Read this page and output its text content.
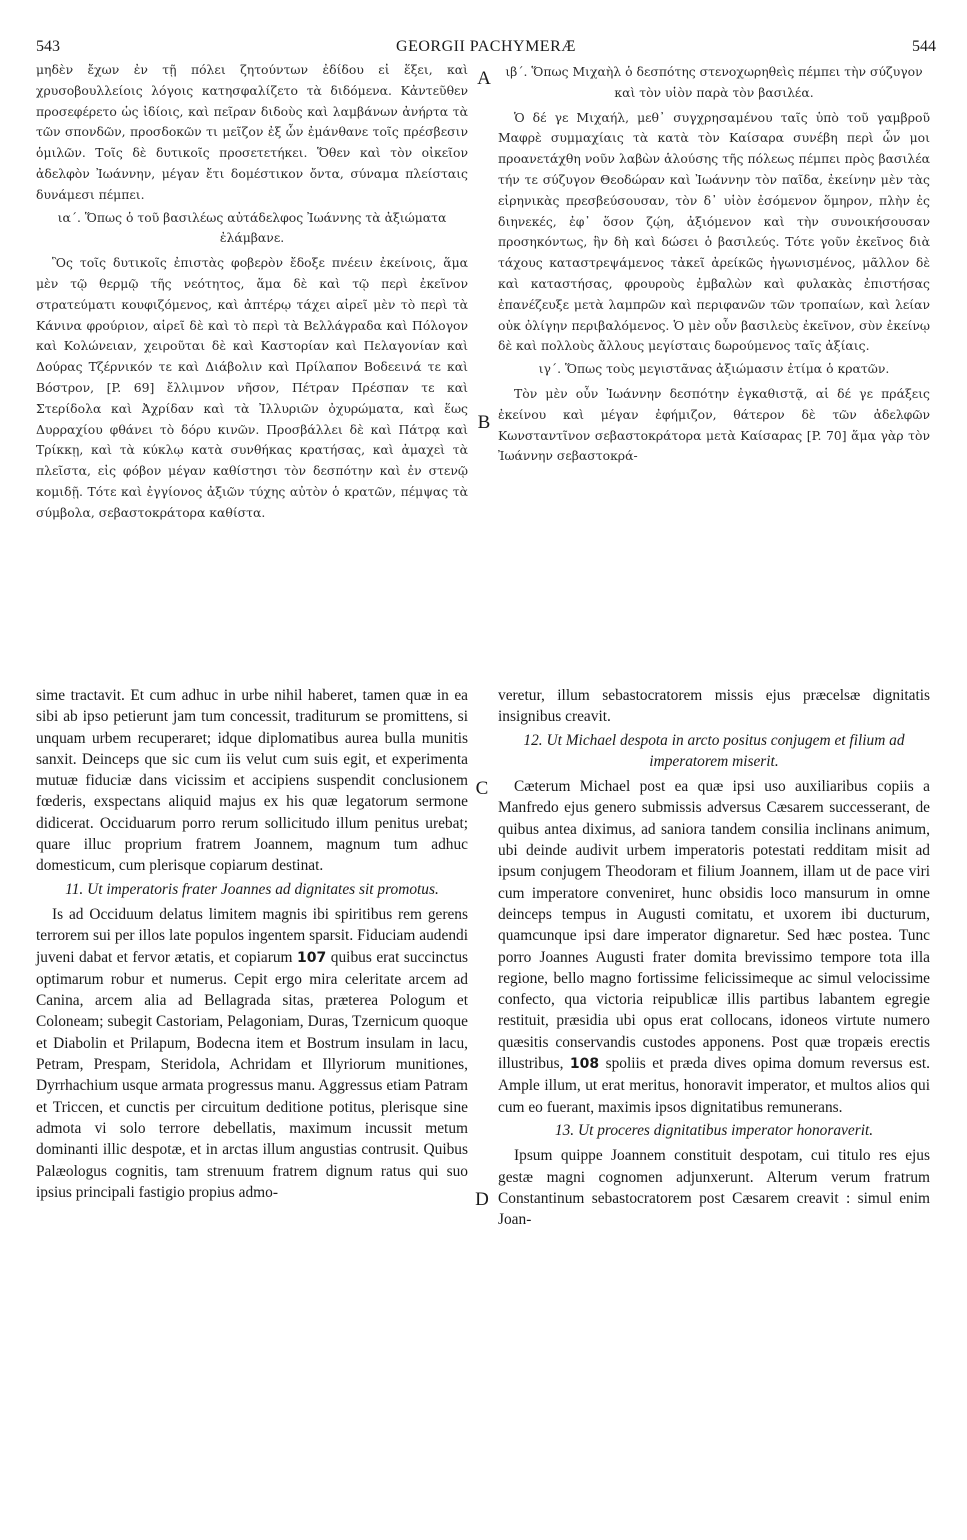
543	GEORGII PACHYMERÆ	544

μηδὲν ἔχων ἐν τῇ πόλει ζητούντων ἐδίδου εἰ ἕξει, καὶ χρυσοβουλλείοις λόγοις κατησφαλίζετο τὰ διδόμενα. Κἀντεῦθεν προσεφέρετο ὡς ἰδίοις, καὶ πεῖραν διδοὺς καὶ λαμβάνων ἀνήρτα τὰ τῶν σπονδῶν, προσδοκῶν τι μεῖζον ἐξ ὧν ἐμάνθανε τοῖς πρέσβεσιν ὁμιλῶν. Τοῖς δὲ δυτικοῖς προσετετήκει. Ὅθεν καὶ τὸν οἰκεῖον ἀδελφὸν Ἰωάννην, μέγαν ἔτι δομέστικον ὄντα, σύναμα πλείσταις δυνάμεσι πέμπει.

ια΄. Ὅπως ὁ τοῦ βασιλέως αὐτάδελφος Ἰωάννης τὰ ἀξιώματα ἐλάμβανε.

Ὃς τοῖς δυτικοῖς ἐπιστὰς φοβερὸν ἔδοξε πνέειν ἐκείνοις, ἅμα μὲν τῷ θερμῷ τῆς νεότητος, ἅμα δὲ καὶ τῷ περὶ ἐκεῖνον στρατεύματι κουφιζόμενος, καὶ ἀπτέρῳ τάχει αἱρεῖ μὲν τὸ περὶ τὰ Κάνινα φρούριον, αἱρεῖ δὲ καὶ τὸ περὶ τὰ Βελλάγραδα καὶ Πόλογον καὶ Κολώνειαν, χειροῦται δὲ καὶ Καστορίαν καὶ Πελαγονίαν καὶ Δούρας Τζέρνικόν τε καὶ Διάβολιν καὶ Πρίλαπον Βοδεεινά τε καὶ Βόστρον, [P. 69] ἔλλιμνον νῆσον, Πέτραν Πρέσπαν τε καὶ Στερίδολα καὶ Ἀχρίδαν καὶ τὰ Ἰλλυριῶν ὀχυρώματα, καὶ ἕως Δυρραχίου φθάνει τὸ δόρυ κινῶν. Προσβάλλει δὲ καὶ Πάτρᾳ καὶ Τρίκκῃ, καὶ τὰ κύκλῳ κατὰ συνθήκας κρατήσας, καὶ ἀμαχεὶ τὰ πλεῖστα, εἰς φόβον μέγαν καθίστησι τὸν δεσπότην καὶ ἐν στενῷ κομιδῇ. Τότε καὶ ἐγγίονος ἀξιῶν τύχης αὐτὸν ὁ κρατῶν, πέμψας τὰ σύμβολα, σεβαστοκράτορα καθίστα.

ιβ΄. Ὅπως Μιχαὴλ ὁ δεσπότης στενοχωρηθεὶς πέμπει τὴν σύζυγον καὶ τὸν υἱὸν παρὰ τὸν βασιλέα.

Ὁ δέ γε Μιχαήλ, μεθ᾽ συγχρησαμένου ταῖς ὑπὸ τοῦ γαμβροῦ Μαφρὲ συμμαχίαις τὰ κατὰ τὸν Καίσαρα συνέβη περὶ ὧν μοι προανετάχθη νοῦν λαβὼν ἁλούσης τῆς πόλεως πέμπει πρὸς βασιλέα τήν τε σύζυγον Θεοδώραν καὶ Ἰωάννην τὸν παῖδα, ἐκείνην μὲν τὰς εἰρηνικὰς πρεσβεύσουσαν, τὸν δ᾽ υἱὸν ἐσόμενον ὅμηρον, πλὴν ἐς διηνεκές, ἐφ᾽ ὅσον ζῴη, ἀξιόμενον καὶ τὴν συνοικήσουσαν προσηκόντως, ἣν δὴ καὶ δώσει ὁ βασιλεύς. Τότε γοῦν ἐκεῖνος διὰ τάχους καταστρεψάμενος τἀκεῖ ἀρείκῶς ἠγωνισμένος, μᾶλλον δὲ καὶ καταστήσας, φρουροὺς ἐμβαλὼν καὶ φυλακὰς ἐπιστήσας ἐπανέζευξε μετὰ λαμπρῶν καὶ περιφανῶν τῶν τροπαίων, καὶ λείαν οὐκ ὀλίγην περιβαλόμενος. Ὁ μὲν οὖν βασιλεὺς ἐκεῖνον, σὺν ἐκείνῳ δὲ καὶ πολλοὺς ἄλλους μεγίσταις δωρούμενος ταῖς ἀξίαις.

ιγ΄. Ὅπως τοὺς μεγιστᾶνας ἀξιώμασιν ἐτίμα ὁ κρατῶν.

Τὸν μὲν οὖν Ἰωάννην δεσπότην ἐγκαθιστᾷ, αἱ δέ γε πράξεις ἐκείνου καὶ μέγαν ἐφήμιζον, θάτερον δὲ τῶν ἀδελφῶν Κωνσταντῖνον σεβαστοκράτορα μετὰ Καίσαρας [P. 70] ἅμα γὰρ τὸν Ἰωάννην σεβαστοκρά-

sime tractavit. Et cum adhuc in urbe nihil haberet, tamen quæ in ea sibi ab ipso petierunt jam tum concessit, traditurum se promittens, si unquam urbem recuperaret; idque diplomatibus aurea bulla munitis sanxit. Deinceps que sic cum iis velut cum suis egit, et experimenta mutuæ fiduciæ dans vicissim et accipiens suspendit conclusionem fœderis, exspectans aliquid majus ex his quæ legatorum sermone didicerat. Occiduarum porro rerum sollicitudo illum penitus urebat; quare illuc proprium fratrem Joannem, magnum tum adhuc domesticum, cum plerisque copiarum destinat.

11. Ut imperatoris frater Joannes ad dignitates sit promotus.

Is ad Occiduum delatus limitem magnis ibi spiritibus rem gerens terrorem sui per illos late populos ingentem sparsit. Fiduciam audendi juveni dabat et fervor ætatis, et copiarum 107 quibus erat succinctus optimarum robur et numerus. Cepit ergo mira celeritate arcem ad Canina, arcem alia ad Bellagrada sitas, præterea Pologum et Coloneam; subegit Castoriam, Pelagoniam, Duras, Tzernicum quoque et Diabolin et Prilapum, Bodecna item et Bostrum insulam in lacu, Petram, Prespam, Steridola, Achridam et Illyriorum munitiones, Dyrrhachium usque armata progressus manu. Aggressus etiam Patram et Triccen, et cunctis per circuitum deditione potitus, plerisque sine admota vi solo terrore debellatis, maximum incussit metum dominanti illic despotæ, et in arctas illum angustias contrusit. Quibus Palæologus cognitis, tam strenuum fratrem dignum ratus qui suo ipsius principali fastigio propius admo-

veretur, illum sebastocratorem missis ejus præcelsæ dignitatis insignibus creavit.

12. Ut Michael despota in arcto positus conjugem et filium ad imperatorem miserit.

Cæterum Michael post ea quæ ipsi uso auxiliaribus copiis a Manfredo ejus genero submissis adversus Cæsarem successerant, de quibus antea diximus, ad saniora tandem consilia inclinans animum, ubi deinde audivit urbem imperatoris potestati redditam misit ad ipsum conjugem Theodoram et filium Joannem, illam ut de pace viri cum imperatore conveniret, hunc obsidis loco mansurum in omne deinceps tempus in Augusti comitatu, et uxorem ibi ducturum, quamcunque ipsi dare imperator dignaretur. Sed hæc postea. Tunc porro Joannes Augusti frater domita brevissimo tempore tota illa regione, bello magno fortissime felicissimeque ac simul velocissime confecto, qua victoria reipublicæ illis partibus labantem egregie restituit, præsidia ubi opus erat collocans, idoneos virtute numero quæsitis conservandis custodes apponens. Post quæ tropæis erectis illustribus, 108 spoliis et præda dives opima domum reversus est. Ample illum, ut erat meritus, honoravit imperator, et multos alios qui cum eo fuerant, maximis ipsos dignitatibus remunerans.

13. Ut proceres dignitatibus imperator honoraverit.

Ipsum quippe Joannem constituit despotam, cui titulo res ejus gestæ magni cognomen adjunxerunt. Alterum verum fratrum Constantinum sebastocratorem post Cæsarem creavit : simul enim Joan-

A
B
C
D
